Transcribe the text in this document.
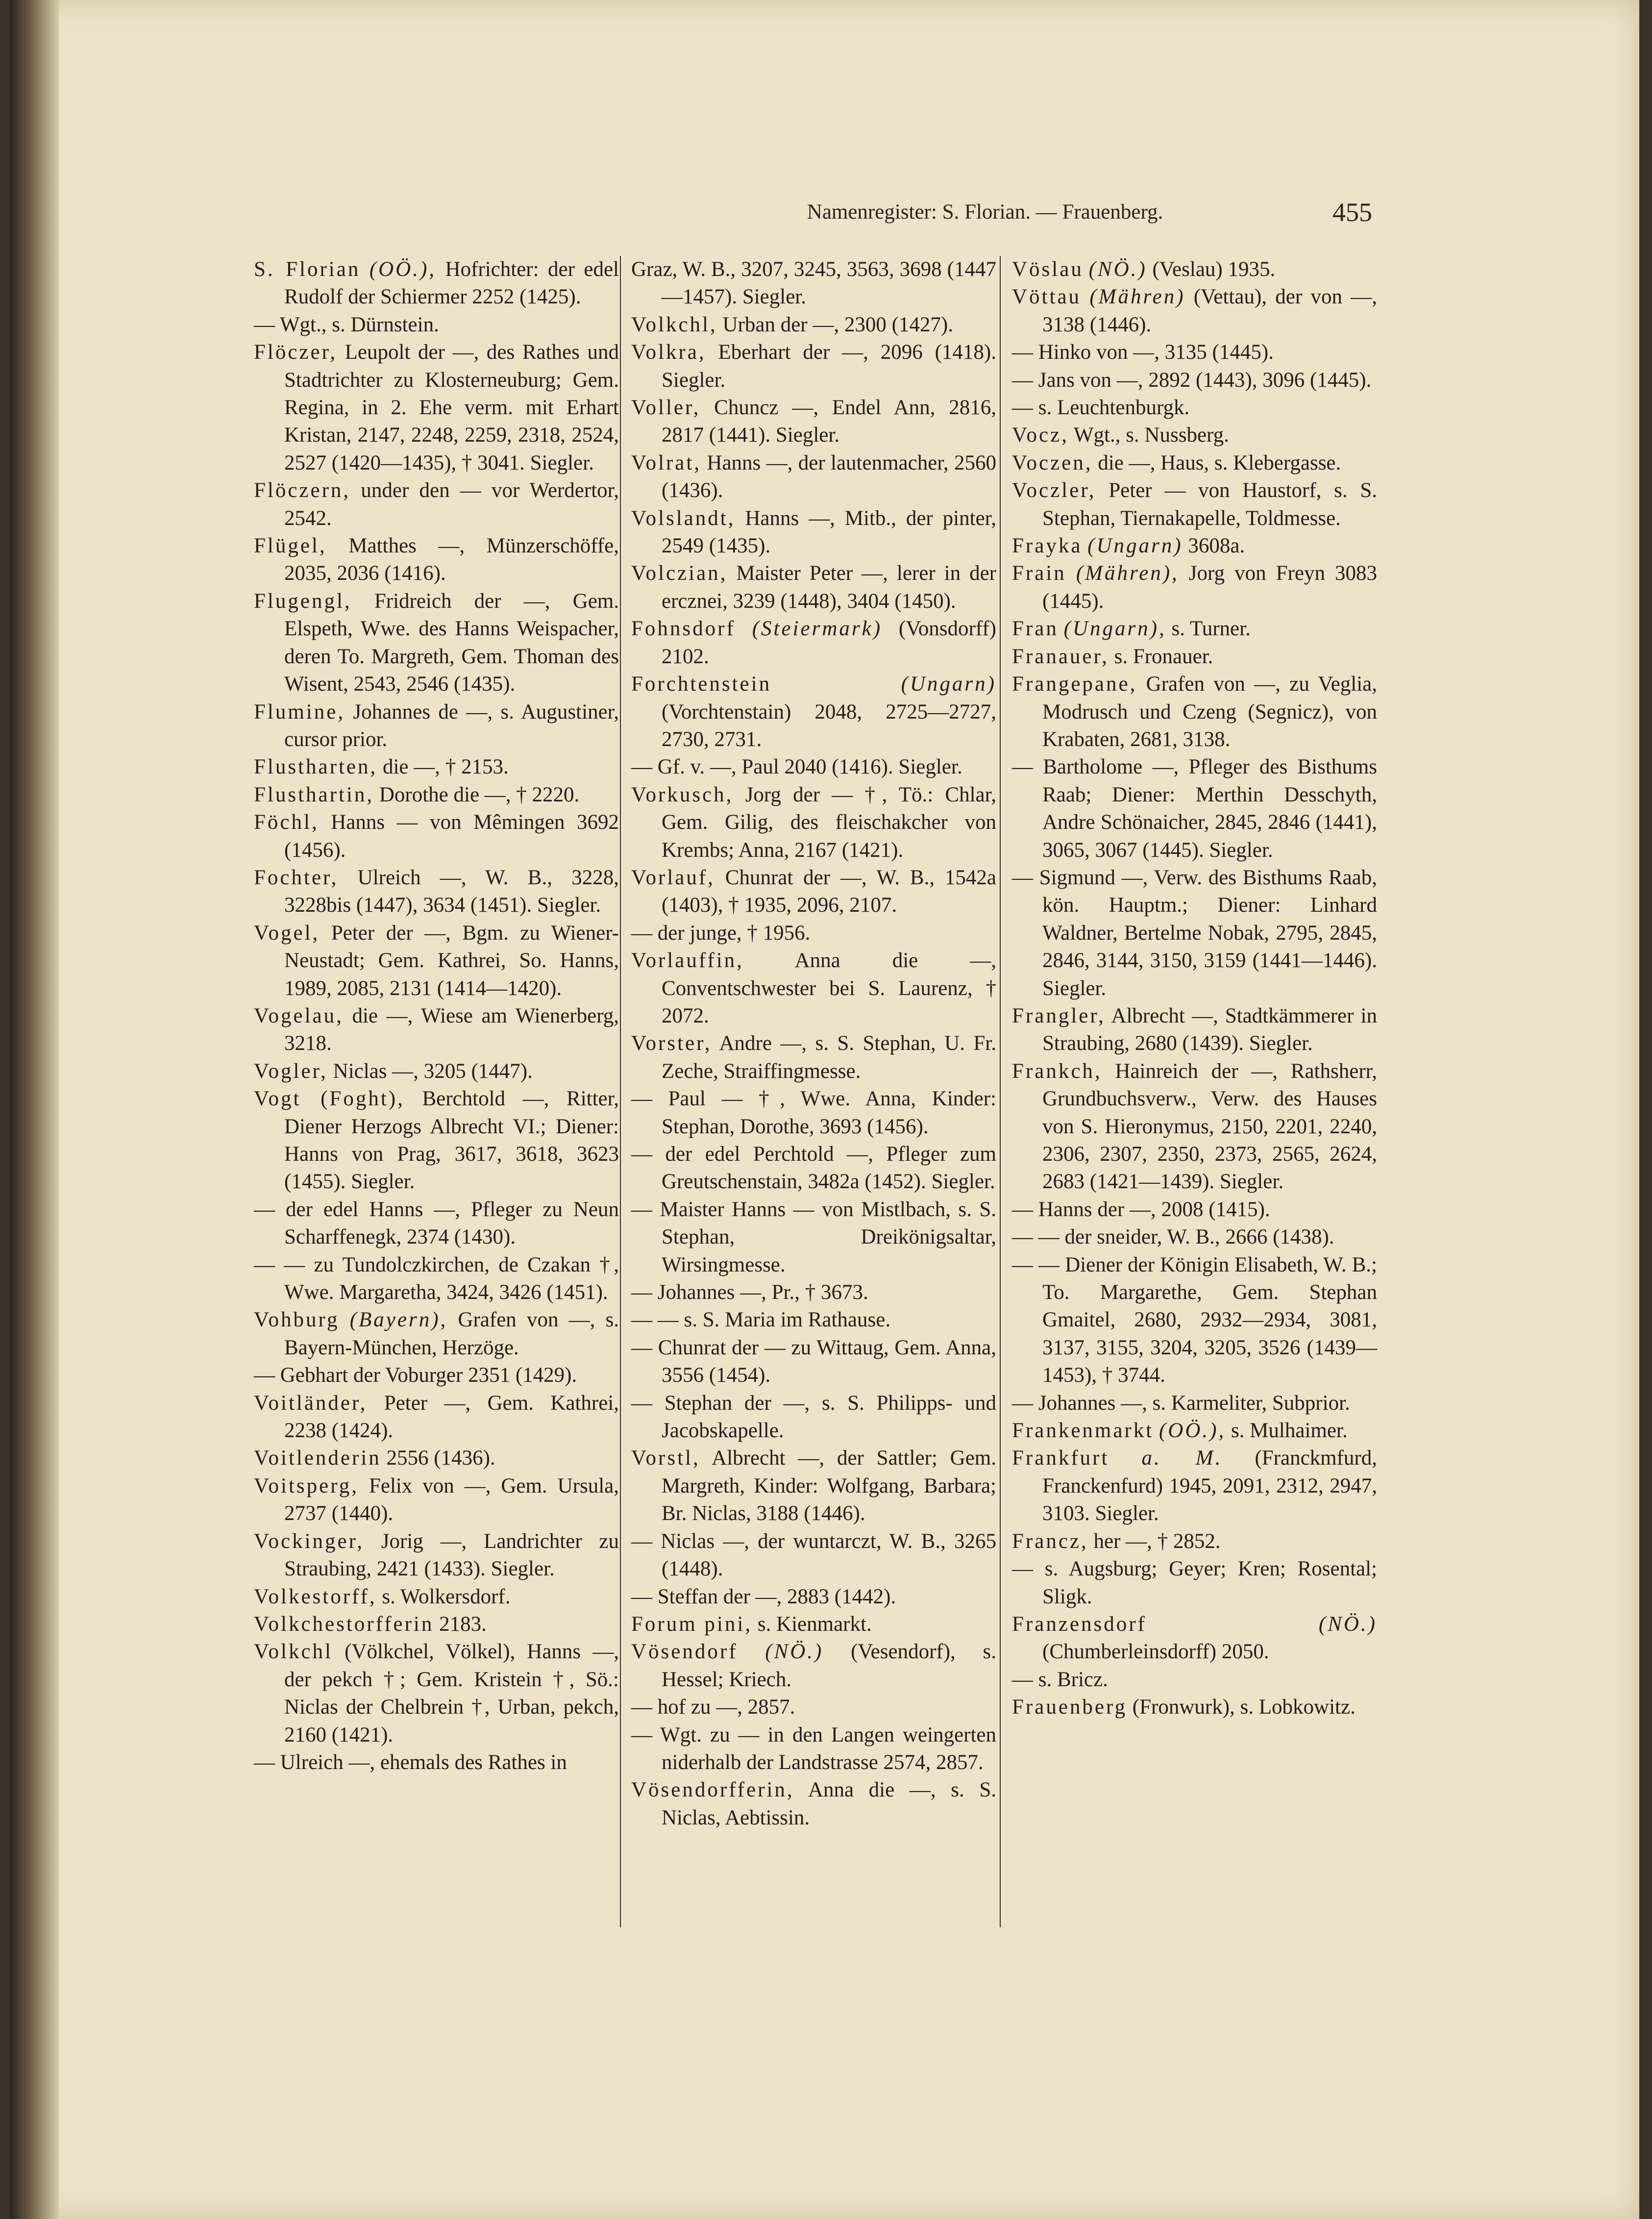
Namenregister: S. Florian. — Frauenberg.	455

S. Florian (OÖ.), Hofrichter: der edel Rudolf der Schiermer 2252 (1425).

— Wgt., s. Dürnstein.

Flöczer, Leupolt der —, des Rathes und Stadtrichter zu Klosterneuburg; Gem. Regina, in 2. Ehe verm. mit Erhart Kristan, 2147, 2248, 2259, 2318, 2524, 2527 (1420—1435), † 3041. Siegler.

Flöczern, under den — vor Werdertor, 2542.

Flügel, Matthes —, Münzerschöffe, 2035, 2036 (1416).

Flugengl, Fridreich der —, Gem. Elspeth, Wwe. des Hanns Weispacher, deren To. Margreth, Gem. Thoman des Wisent, 2543, 2546 (1435).

Flumine, Johannes de —, s. Augustiner, cursor prior.

Flustharten, die —, † 2153.

Flusthartin, Dorothe die —, † 2220.

Föchl, Hanns — von Mêmingen 3692 (1456).

Fochter, Ulreich —, W. B., 3228, 3228bis (1447), 3634 (1451). Siegler.

Vogel, Peter der —, Bgm. zu Wiener-Neustadt; Gem. Kathrei, So. Hanns, 1989, 2085, 2131 (1414—1420).

Vogelau, die —, Wiese am Wienerberg, 3218.

Vogler, Niclas —, 3205 (1447).

Vogt (Foght), Berchtold —, Ritter, Diener Herzogs Albrecht VI.; Diener: Hanns von Prag, 3617, 3618, 3623 (1455). Siegler.

— der edel Hanns —, Pfleger zu Neun Scharffenegk, 2374 (1430).

— — zu Tundolczkirchen, de Czakan †, Wwe. Margaretha, 3424, 3426 (1451).

Vohburg (Bayern), Grafen von —, s. Bayern-München, Herzöge.

— Gebhart der Voburger 2351 (1429).

Voitländer, Peter —, Gem. Kathrei, 2238 (1424).

Voitlenderin 2556 (1436).

Voitsperg, Felix von —, Gem. Ursula, 2737 (1440).

Vockinger, Jorig —, Landrichter zu Straubing, 2421 (1433). Siegler.

Volkestorff, s. Wolkersdorf.

Volkchestorfferin 2183.

Volkchl (Völkchel, Völkel), Hanns —, der pekch †; Gem. Kristein †, Sö.: Niclas der Chelbrein †, Urban, pekch, 2160 (1421).

— Ulreich —, ehemals des Rathes in

Graz, W. B., 3207, 3245, 3563, 3698 (1447—1457). Siegler.

Volkchl, Urban der —, 2300 (1427).

Volkra, Eberhart der —, 2096 (1418). Siegler.

Voller, Chuncz —, Endel Ann, 2816, 2817 (1441). Siegler.

Volrat, Hanns —, der lautenmacher, 2560 (1436).

Volslandt, Hanns —, Mitb., der pinter, 2549 (1435).

Volczian, Maister Peter —, lerer in der ercznei, 3239 (1448), 3404 (1450).

Fohnsdorf (Steiermark) (Vonsdorff) 2102.

Forchtenstein	(Ungarn) (Vorchtenstain) 2048, 2725—2727, 2730, 2731.

— Gf. v. —, Paul 2040 (1416). Siegler.

Vorkusch, Jorg der — †, Tö.: Chlar, Gem. Gilig, des fleischakcher von Krembs; Anna, 2167 (1421).

Vorlauf, Chunrat der —, W. B., 1542a (1403), † 1935, 2096, 2107.

— der junge, † 1956.

Vorlauffin, Anna die —, Conventschwester bei S. Laurenz, † 2072.

Vorster, Andre —, s. S. Stephan, U. Fr. Zeche, Straiffingmesse.

— Paul — †, Wwe. Anna, Kinder: Stephan, Dorothe, 3693 (1456).

— der edel Perchtold —, Pfleger zum Greutschenstain, 3482a (1452). Siegler.

— Maister Hanns — von Mistlbach, s. S. Stephan, Dreikönigsaltar, Wirsingmesse.

— Johannes —, Pr., † 3673.

— — s. S. Maria im Rathause.

— Chunrat der — zu Wittaug, Gem. Anna, 3556 (1454).

— Stephan der —, s. S. Philipps- und Jacobskapelle.

Vorstl, Albrecht —, der Sattler; Gem. Margreth, Kinder: Wolfgang, Barbara; Br. Niclas, 3188 (1446).

— Niclas —, der wuntarczt, W. B., 3265 (1448).

— Steffan der —, 2883 (1442).

Forum pini, s. Kienmarkt.

Vösendorf (NÖ.) (Vesendorf), s. Hessel; Kriech.

— hof zu —, 2857.

— Wgt. zu — in den Langen weingerten niderhalb der Landstrasse 2574, 2857.

Vösendorfferin, Anna die —, s. S. Niclas, Aebtissin.

Vöslau (NÖ.) (Veslau) 1935.

Vöttau (Mähren) (Vettau), der von —, 3138 (1446).

— Hinko von —, 3135 (1445).

— Jans von —, 2892 (1443), 3096 (1445).

— s. Leuchtenburgk.

Vocz, Wgt., s. Nussberg.

Voczen, die —, Haus, s. Klebergasse.

Voczler, Peter — von Haustorf, s. S. Stephan, Tiernakapelle, Toldmesse.

Frayka (Ungarn) 3608a.

Frain (Mähren), Jorg von Freyn 3083 (1445).

Fran (Ungarn), s. Turner.

Franauer, s. Fronauer.

Frangepane, Grafen von —, zu Veglia, Modrusch und Czeng (Segnicz), von Krabaten, 2681, 3138.

— Bartholome —, Pfleger des Bisthums Raab; Diener: Merthin Desschyth, Andre Schönaicher, 2845, 2846 (1441), 3065, 3067 (1445). Siegler.

— Sigmund —, Verw. des Bisthums Raab, kön. Hauptm.; Diener: Linhard Waldner, Bertelme Nobak, 2795, 2845, 2846, 3144, 3150, 3159 (1441—1446). Siegler.

Frangler, Albrecht —, Stadtkämmerer in Straubing, 2680 (1439). Siegler.

Frankch, Hainreich der —, Rathsherr, Grundbuchsverw., Verw. des Hauses von S. Hieronymus, 2150, 2201, 2240, 2306, 2307, 2350, 2373, 2565, 2624, 2683 (1421—1439). Siegler.

— Hanns der —, 2008 (1415).

— — der sneider, W. B., 2666 (1438).

— — Diener der Königin Elisabeth, W. B.; To. Margarethe, Gem. Stephan Gmaitel, 2680, 2932—2934, 3081, 3137, 3155, 3204, 3205, 3526 (1439—1453), † 3744.

— Johannes —, s. Karmeliter, Subprior.

Frankenmarkt (OÖ.), s. Mulhaimer.

Frankfurt a. M. (Franckmfurd, Franckenfurd) 1945, 2091, 2312, 2947, 3103. Siegler.

Francz, her —, † 2852.

— s. Augsburg; Geyer; Kren; Rosental; Sligk.

Franzensdorf	(NÖ.) (Chumberleinsdorff) 2050.

— s. Bricz.

Frauenberg (Fronwurk), s. Lobkowitz.
